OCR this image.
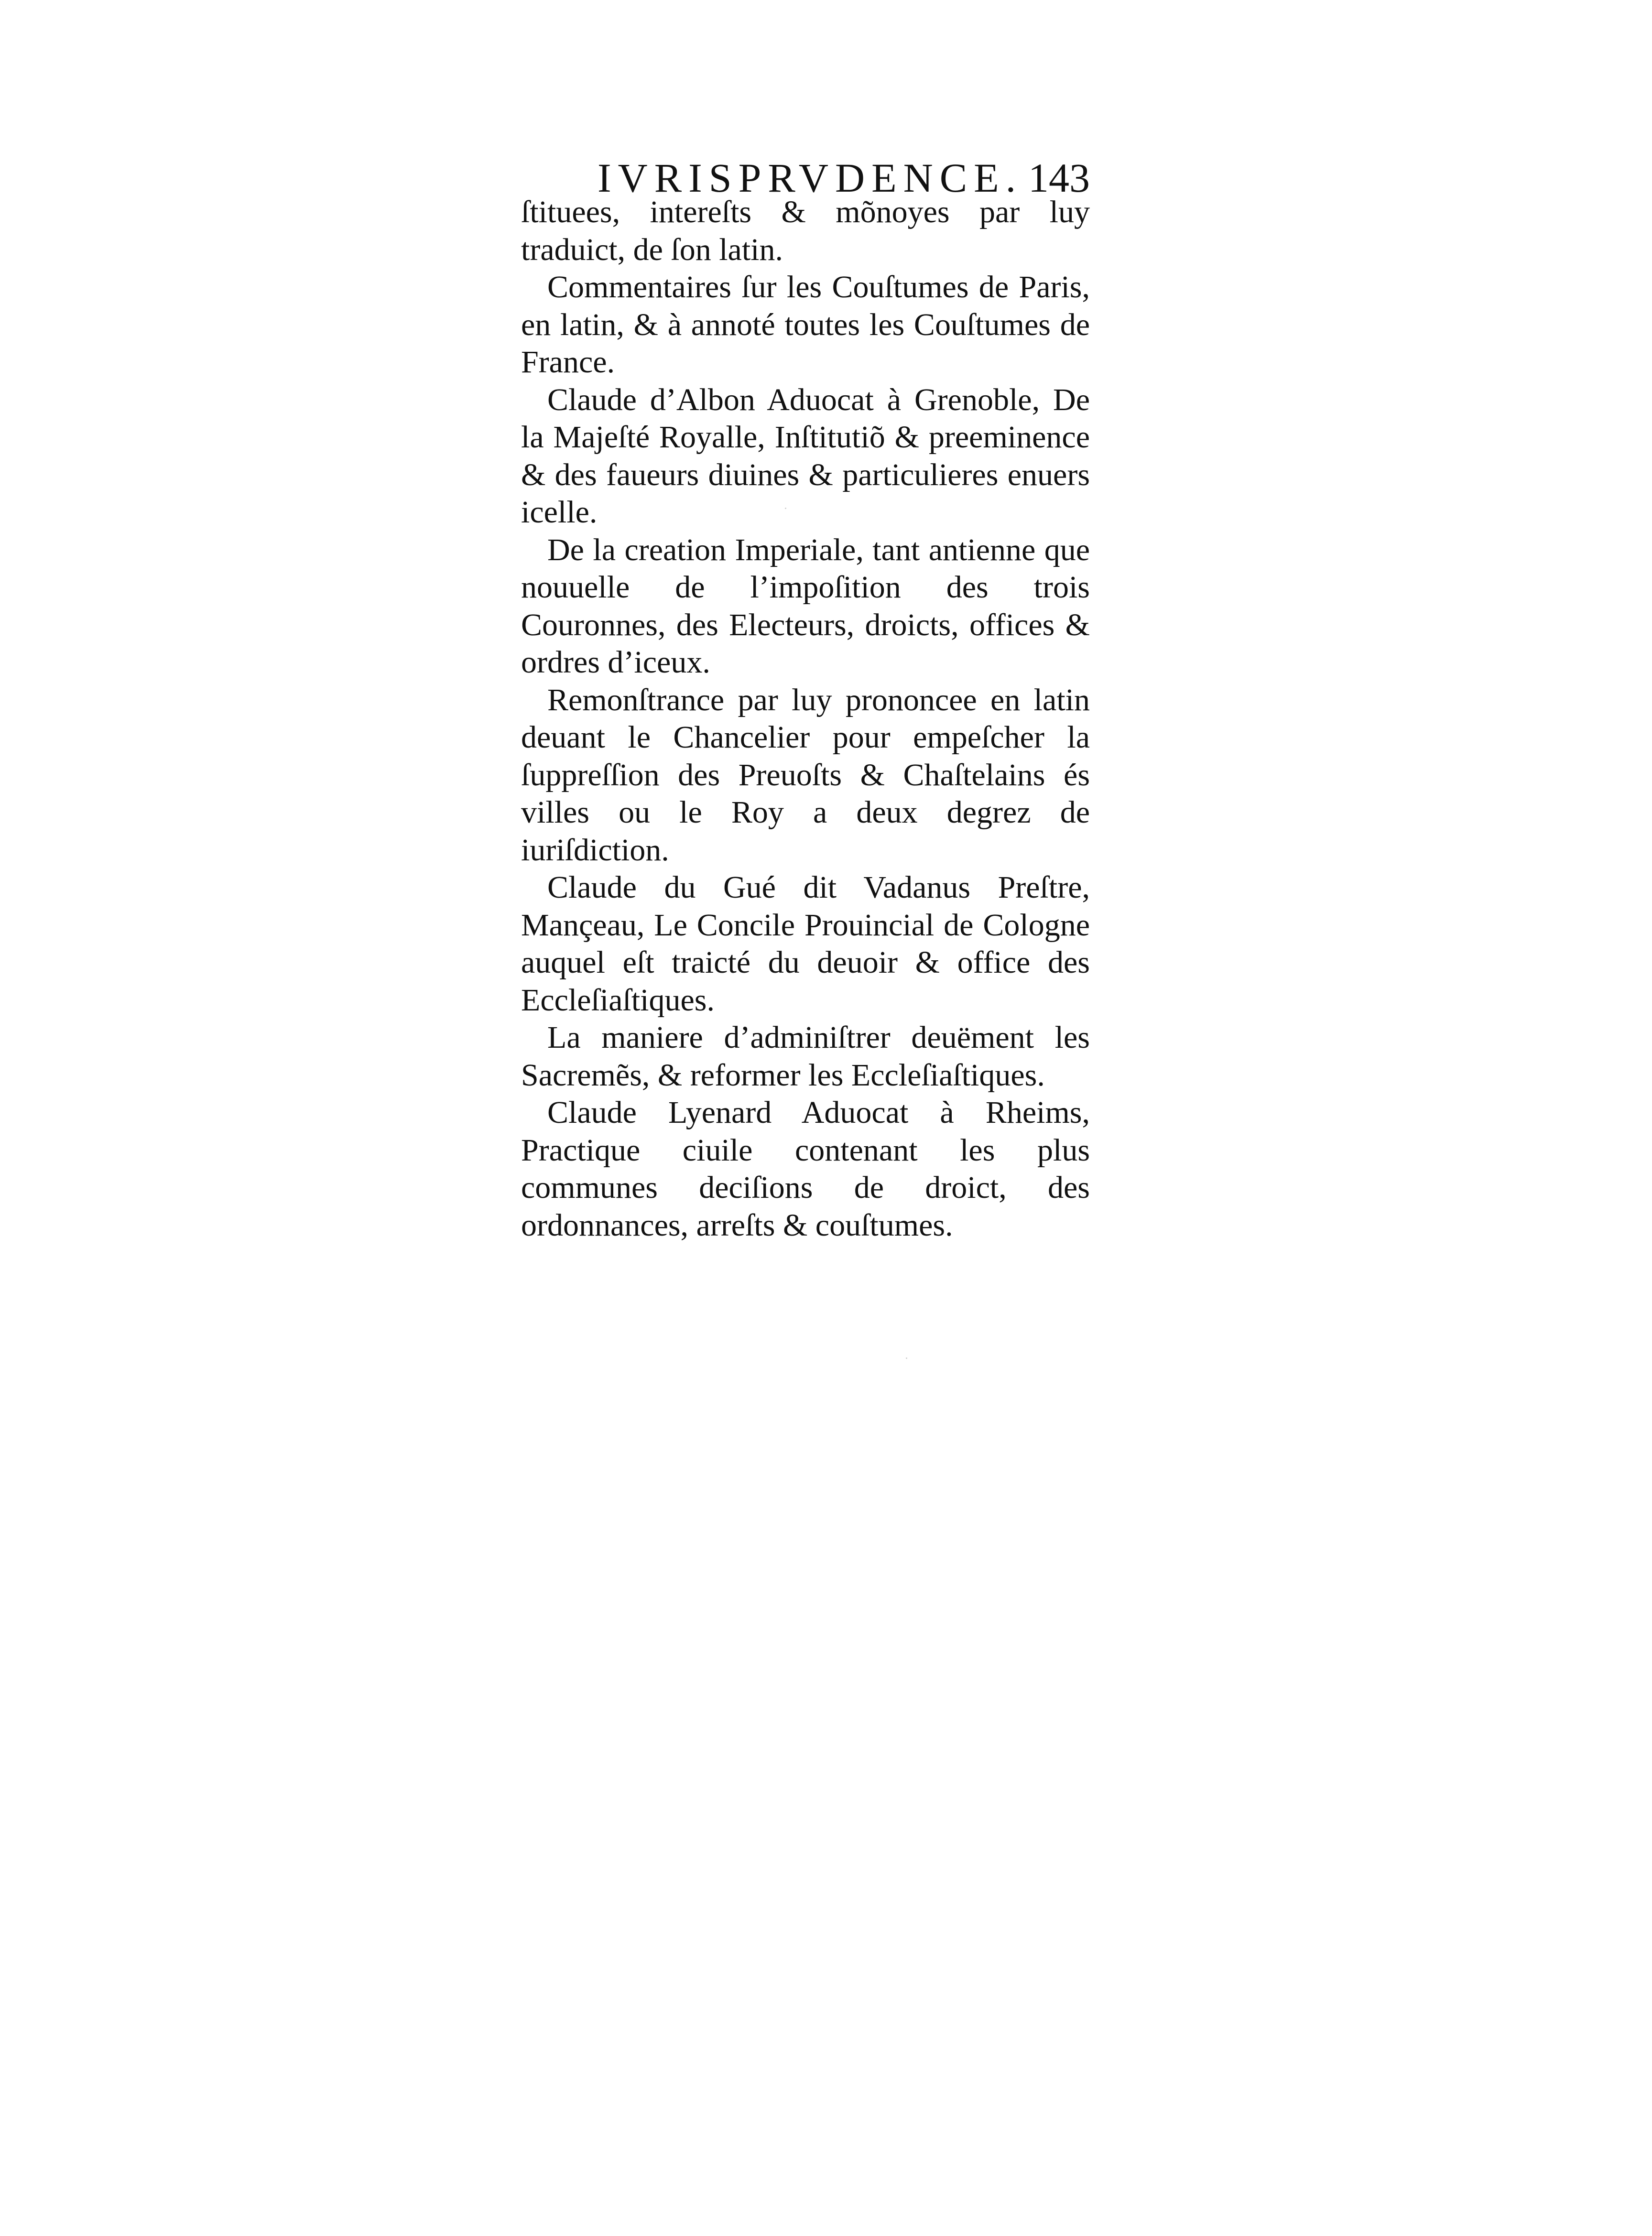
IVRISPRVDENCE. 143

ſtituees, intereſts & mõnoyes par luy traduict, de ſon latin.

Commentaires ſur les Couſtumes de Paris, en latin, & à annoté toutes les Couſtumes de France.

Claude d’Albon Aduocat à Grenoble, De la Majeſté Royalle, Inſtitutiõ & preeminence & des faueurs diuines & particulieres enuers icelle.

De la creation Imperiale, tant antienne que nouuelle de l’impoſition des trois Couronnes, des Electeurs, droicts, offices & ordres d’iceux.

Remonſtrance par luy prononcee en latin deuant le Chancelier pour empeſcher la ſuppreſſion des Preuoſts & Chaſtelains és villes ou le Roy a deux degrez de iuriſdiction.

Claude du Gué dit Vadanus Preſtre, Mançeau, Le Concile Prouincial de Cologne auquel eſt traicté du deuoir & office des Eccleſiaſtiques.

La maniere d’adminiſtrer deuëment les Sacremẽs, & reformer les Eccleſiaſtiques.

Claude Lyenard Aduocat à Rheims, Practique ciuile contenant les plus communes deciſions de droict, des ordonnances, arreſts & couſtumes.
